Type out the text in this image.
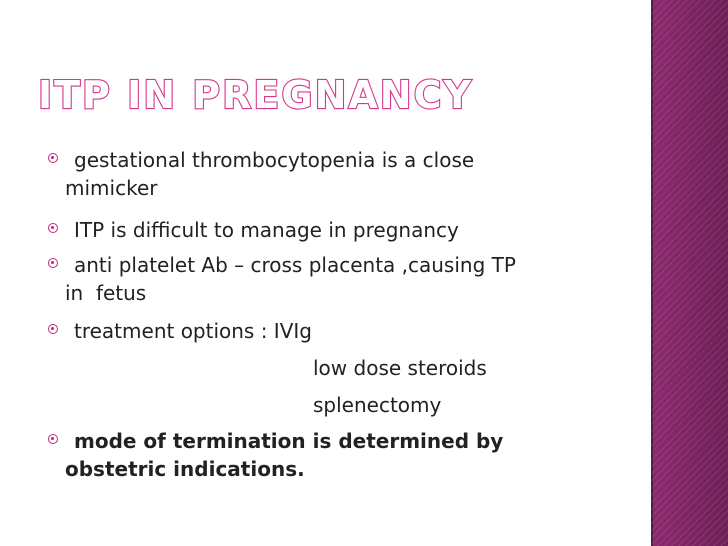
ITP IN PREGNANCY
gestational thrombocytopenia is a close
mimicker
ITP is difficult to manage in pregnancy
anti platelet Ab – cross placenta ,causing TP
in  fetus
treatment options : IVIg
low dose steroids
splenectomy
mode of termination is determined by
obstetric indications.
